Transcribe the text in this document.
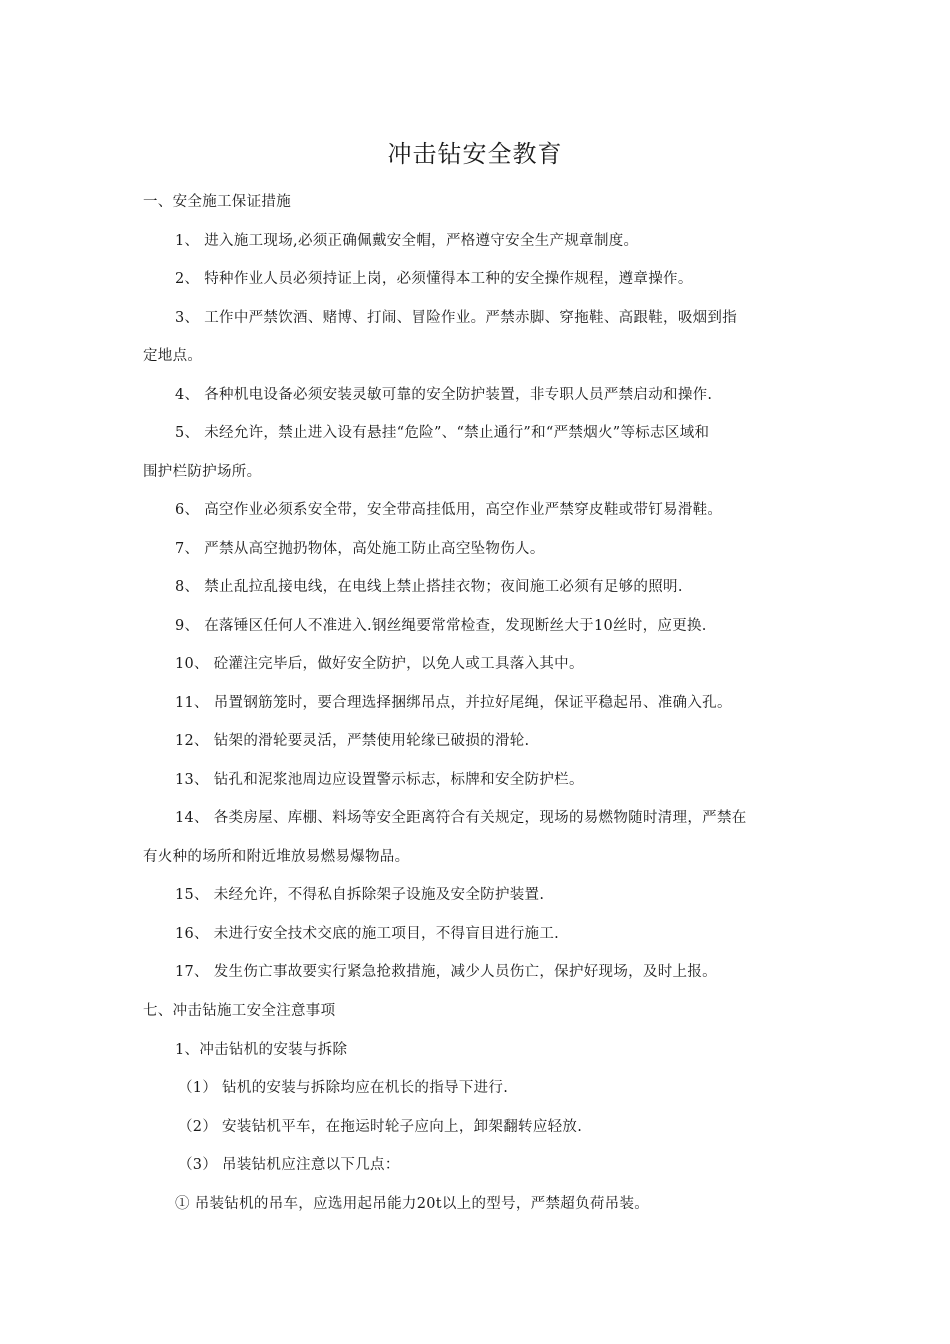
冲击钻安全教育
一、安全施工保证措施
1、 进入施工现场,必须正确佩戴安全帽，严格遵守安全生产规章制度。
2、 特种作业人员必须持证上岗，必须懂得本工种的安全操作规程，遵章操作。
3、 工作中严禁饮酒、赌博、打闹、冒险作业。严禁赤脚、穿拖鞋、高跟鞋，吸烟到指
定地点。
4、 各种机电设备必须安装灵敏可靠的安全防护装置，非专职人员严禁启动和操作.
5、 未经允许，禁止进入设有悬挂“危险”、“禁止通行”和“严禁烟火”等标志区域和
围护栏防护场所。
6、 高空作业必须系安全带，安全带高挂低用，高空作业严禁穿皮鞋或带钉易滑鞋。
7、 严禁从高空抛扔物体，高处施工防止高空坠物伤人。
8、 禁止乱拉乱接电线，在电线上禁止搭挂衣物；夜间施工必须有足够的照明.
9、 在落锤区任何人不准进入.钢丝绳要常常检查，发现断丝大于10丝时，应更换.
10、 砼灌注完毕后，做好安全防护，以免人或工具落入其中。
11、 吊置钢筋笼时，要合理选择捆绑吊点，并拉好尾绳，保证平稳起吊、准确入孔。
12、 钻架的滑轮要灵活，严禁使用轮缘已破损的滑轮.
13、 钻孔和泥浆池周边应设置警示标志，标牌和安全防护栏。
14、 各类房屋、库棚、料场等安全距离符合有关规定，现场的易燃物随时清理，严禁在
有火种的场所和附近堆放易燃易爆物品。
15、 未经允许，不得私自拆除架子设施及安全防护装置.
16、 未进行安全技术交底的施工项目，不得盲目进行施工.
17、 发生伤亡事故要实行紧急抢救措施，减少人员伤亡，保护好现场，及时上报。
七、冲击钻施工安全注意事项
1、冲击钻机的安装与拆除
（1） 钻机的安装与拆除均应在机长的指导下进行.
（2） 安装钻机平车，在拖运时轮子应向上，卸架翻转应轻放.
（3） 吊装钻机应注意以下几点：
① 吊装钻机的吊车，应选用起吊能力20t以上的型号，严禁超负荷吊装。
